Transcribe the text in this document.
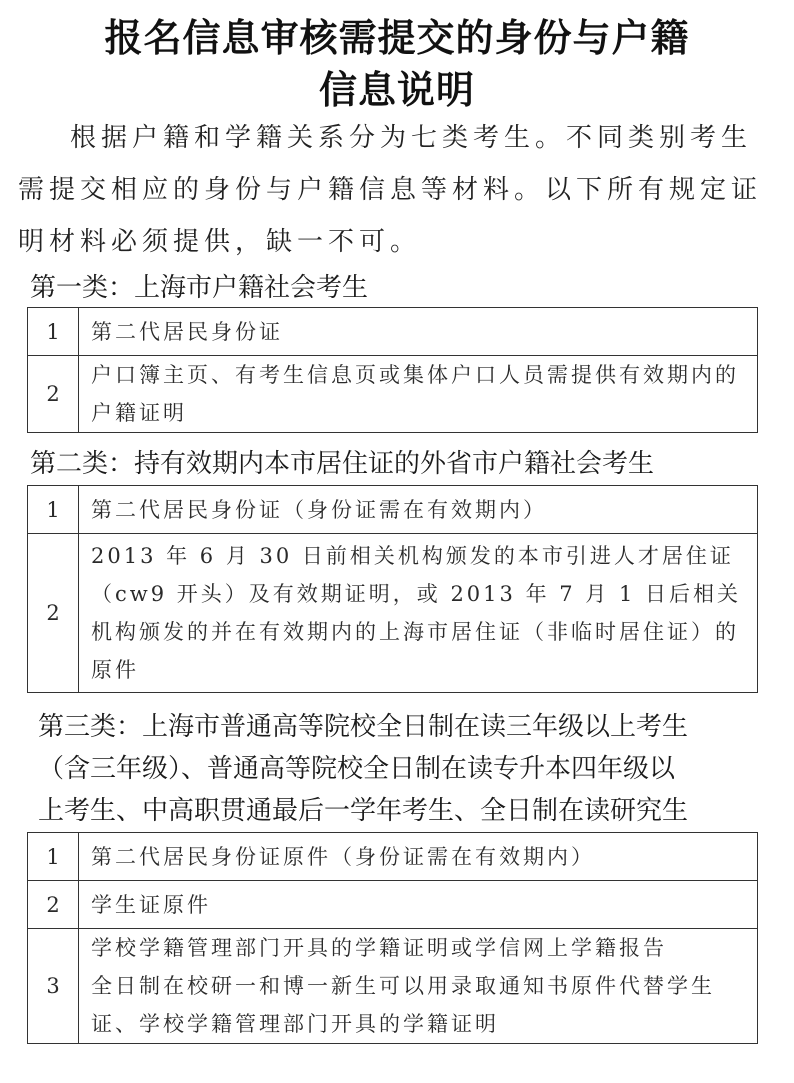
报名信息审核需提交的身份与户籍
信息说明
根据户籍和学籍关系分为七类考生。不同类别考生需提交相应的身份与户籍信息等材料。以下所有规定证明材料必须提供，缺一不可。
第一类：上海市户籍社会考生
1	第二代居民身份证
2	户口簿主页、有考生信息页或集体户口人员需提供有效期内的户籍证明
第二类：持有效期内本市居住证的外省市户籍社会考生
1	第二代居民身份证（身份证需在有效期内）
2	2013 年 6 月 30 日前相关机构颁发的本市引进人才居住证（cw9 开头）及有效期证明，或 2013 年 7 月 1 日后相关机构颁发的并在有效期内的上海市居住证（非临时居住证）的原件
第三类：上海市普通高等院校全日制在读三年级以上考生
（含三年级）、普通高等院校全日制在读专升本四年级以
上考生、中高职贯通最后一学年考生、全日制在读研究生
1	第二代居民身份证原件（身份证需在有效期内）
2	学生证原件
3	学校学籍管理部门开具的学籍证明或学信网上学籍报告
全日制在校研一和博一新生可以用录取通知书原件代替学生证、学校学籍管理部门开具的学籍证明
